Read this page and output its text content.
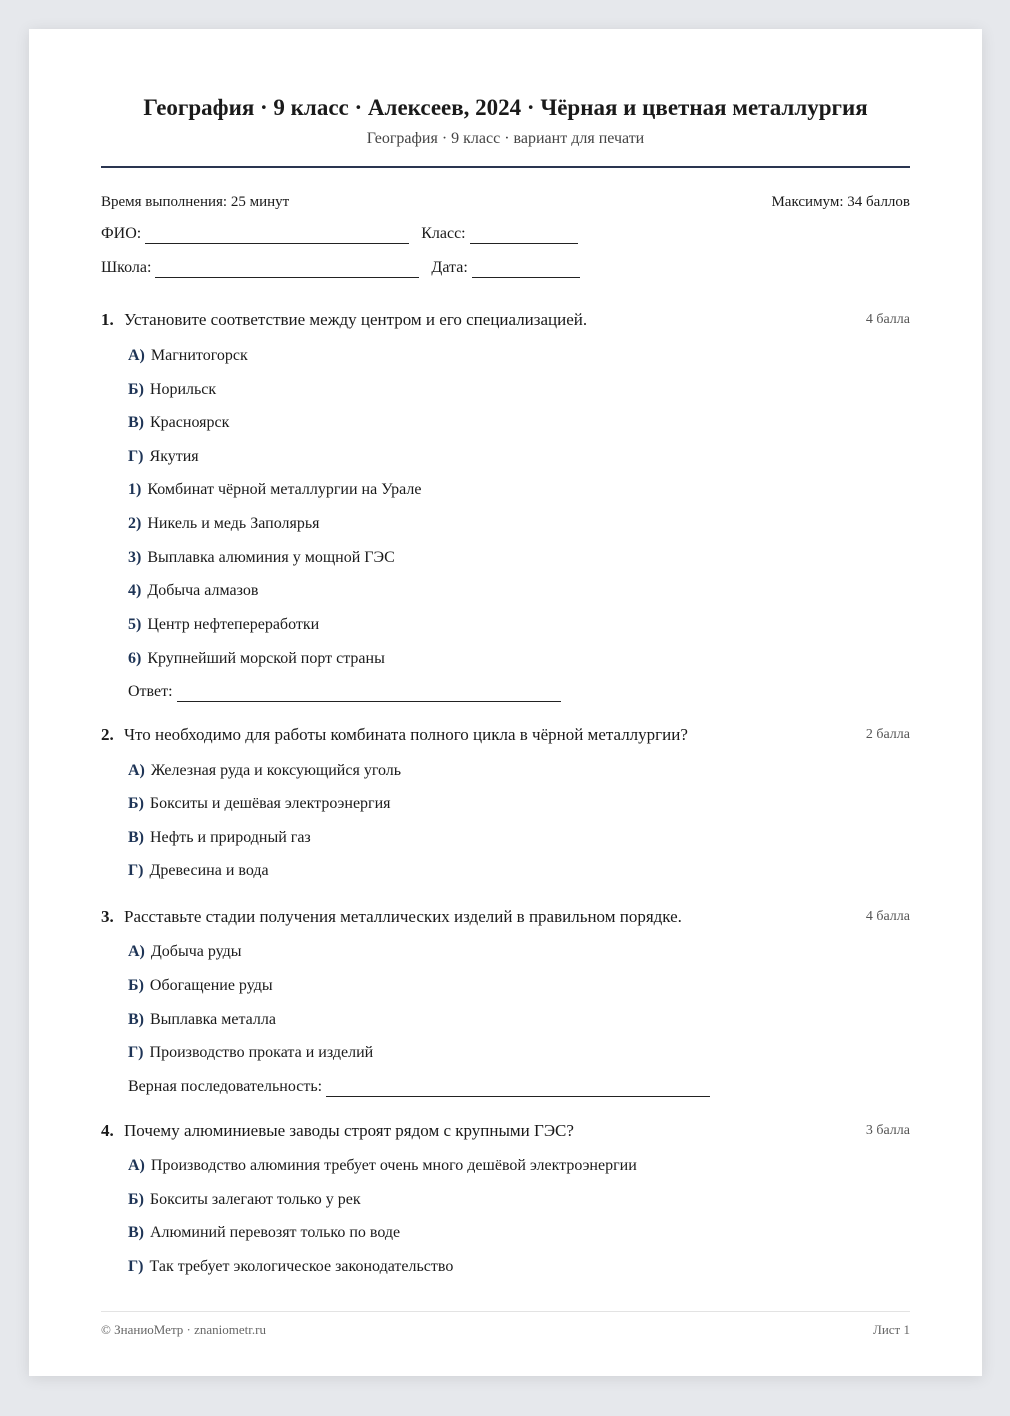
География · 9 класс · Алексеев, 2024 · Чёрная и цветная металлургия
География · 9 класс · вариант для печати
Время выполнения: 25 минут	Максимум: 34 баллов
ФИО:	Класс:
Школа:	Дата:
1. Установите соответствие между центром и его специализацией.	4 балла
А) Магнитогорск
Б) Норильск
В) Красноярск
Г) Якутия
1) Комбинат чёрной металлургии на Урале
2) Никель и медь Заполярья
3) Выплавка алюминия у мощной ГЭС
4) Добыча алмазов
5) Центр нефтепереработки
6) Крупнейший морской порт страны
Ответ:
2. Что необходимо для работы комбината полного цикла в чёрной металлургии?	2 балла
А) Железная руда и коксующийся уголь
Б) Бокситы и дешёвая электроэнергия
В) Нефть и природный газ
Г) Древесина и вода
3. Расставьте стадии получения металлических изделий в правильном порядке.	4 балла
А) Добыча руды
Б) Обогащение руды
В) Выплавка металла
Г) Производство проката и изделий
Верная последовательность:
4. Почему алюминиевые заводы строят рядом с крупными ГЭС?	3 балла
А) Производство алюминия требует очень много дешёвой электроэнергии
Б) Бокситы залегают только у рек
В) Алюминий перевозят только по воде
Г) Так требует экологическое законодательство
© ЗнаниоМетр · znaniometr.ru	Лист 1
